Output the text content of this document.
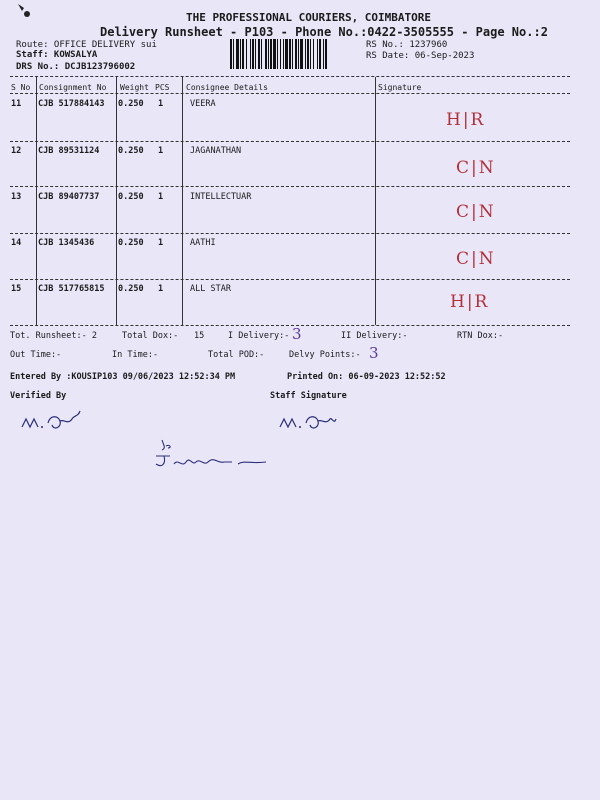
THE PROFESSIONAL COURIERS, COIMBATORE
Delivery Runsheet - P103 - Phone No.:0422-3505555 - Page No.:2
Route: OFFICE DELIVERY sui
Staff: KOWSALYA
DRS No.: DCJB123796002
RS No.: 1237960
RS Date: 06-Sep-2023
S No Consignment No Weight PCS Consignee Details	Signature
11 CJB 517884143 0.250 1	VEERA
H|R
12 CJB 89531124 0.250 1	JAGANATHAN
C|N
13 CJB 89407737 0.250 1	INTELLECTUAR
C|N
14 CJB 1345436	0.250 1	AATHI
C|N
15 CJB 517765815 0.250 1	ALL STAR
H|R
Tot. Runsheet:- 2	Total Dox:- 15	I Delivery:- 3	II Delivery:-	RTN Dox:-
Out Time:-	In Time:-	Total POD:-	Delvy Points:- 3
Entered By :KOUSIP103 09/06/2023 12:52:34 PM	Printed On: 06-09-2023 12:52:52
Verified By	Staff Signature
